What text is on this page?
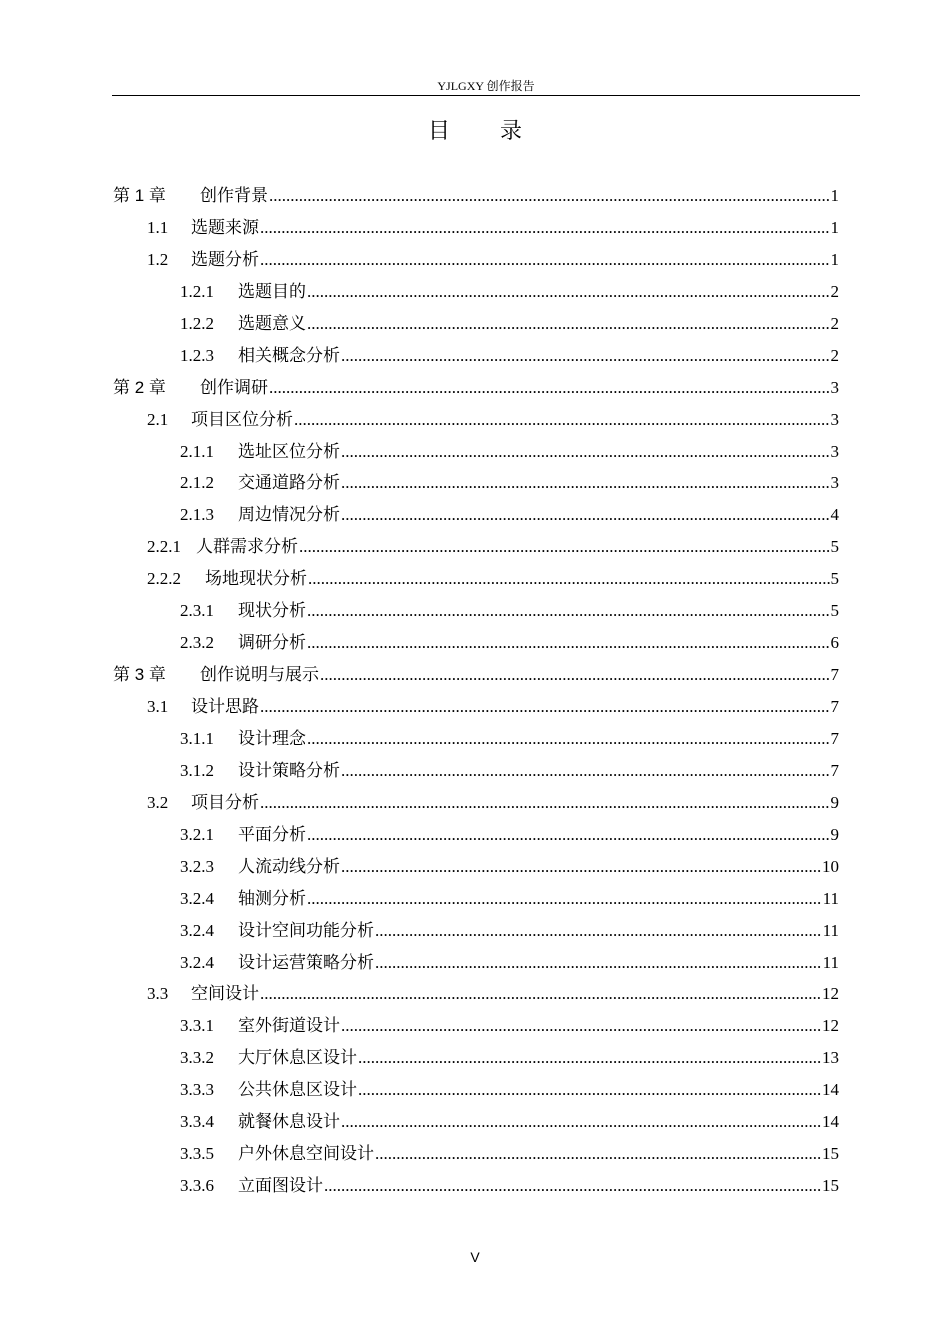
YJLGXY 创作报告
目 录
第 1 章	创作背景 .....	1
1.1	选题来源 .....	1
1.2	选题分析 .....	1
1.2.1	选题目的 .....	2
1.2.2	选题意义 .....	2
1.2.3	相关概念分析 .....	2
第 2 章	创作调研 .....	3
2.1	项目区位分析 .....	3
2.1.1	选址区位分析 .....	3
2.1.2	交通道路分析 .....	3
2.1.3	周边情况分析 .....	4
2.2.1 人群需求分析 .....	5
2.2.2	场地现状分析 .....	5
2.3.1	现状分析 .....	5
2.3.2	调研分析 .....	6
第 3 章	创作说明与展示 .....	7
3.1	设计思路 .....	7
3.1.1	设计理念 .....	7
3.1.2	设计策略分析 .....	7
3.2	项目分析 .....	9
3.2.1	平面分析 .....	9
3.2.3	人流动线分析 .....	10
3.2.4	轴测分析 .....	11
3.2.4	设计空间功能分析 .....	11
3.2.4	设计运营策略分析 .....	11
3.3	空间设计 .....	12
3.3.1	室外街道设计 .....	12
3.3.2	大厅休息区设计 .....	13
3.3.3	公共休息区设计 .....	14
3.3.4	就餐休息设计 .....	14
3.3.5	户外休息空间设计 .....	15
3.3.6	立面图设计 .....	15
V
